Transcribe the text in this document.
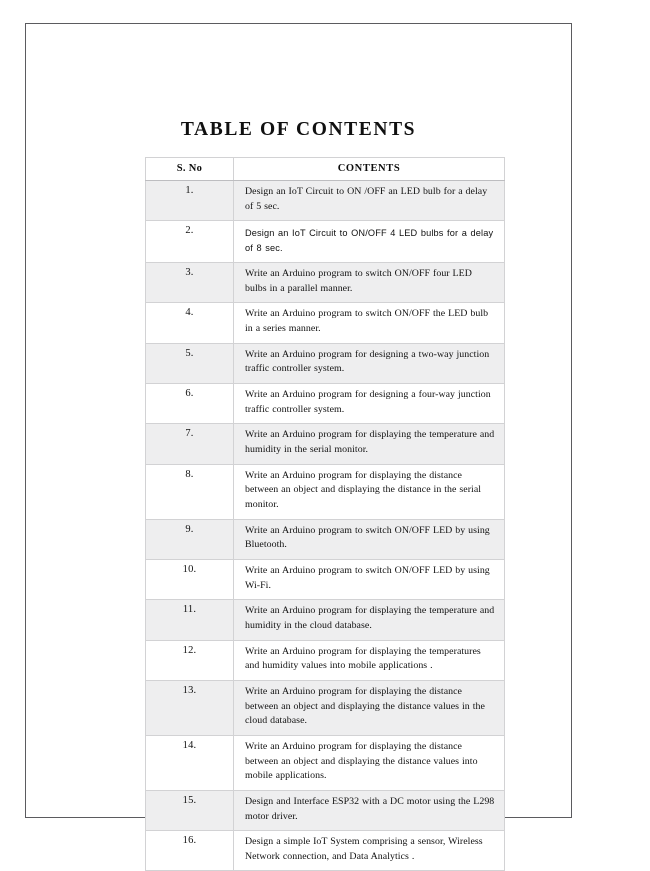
TABLE OF CONTENTS
S. No	CONTENTS
1.	Design an IoT Circuit to ON /OFF an LED bulb for a delay of 5 sec.
2.	Design an IoT Circuit to ON/OFF 4 LED bulbs for a delay of 8 sec.
3.	Write an Arduino program to switch ON/OFF four LED bulbs in a parallel manner.
4.	Write an Arduino program to switch ON/OFF the LED bulb in a series manner.
5.	Write an Arduino program for designing a two-way junction traffic controller system.
6.	Write an Arduino program for designing a four-way junction traffic controller system.
7.	Write an Arduino program for displaying the temperature and humidity in the serial monitor.
8.	Write an Arduino program for displaying the distance between an object and displaying the distance in the serial monitor.
9.	Write an Arduino program to switch ON/OFF LED by using Bluetooth.
10.	Write an Arduino program to switch ON/OFF LED by using Wi-Fi.
11.	Write an Arduino program for displaying the temperature and humidity in the cloud database.
12.	Write an Arduino program for displaying the temperatures and humidity values into mobile applications .
13.	Write an Arduino program for displaying the distance between an object and displaying the distance values in the cloud database.
14.	Write an Arduino program for displaying the distance between an object and displaying the distance values into mobile applications.
15.	Design and Interface ESP32 with a DC motor using the L298 motor driver.
16.	Design a simple IoT System comprising a sensor, Wireless Network connection, and Data Analytics .
